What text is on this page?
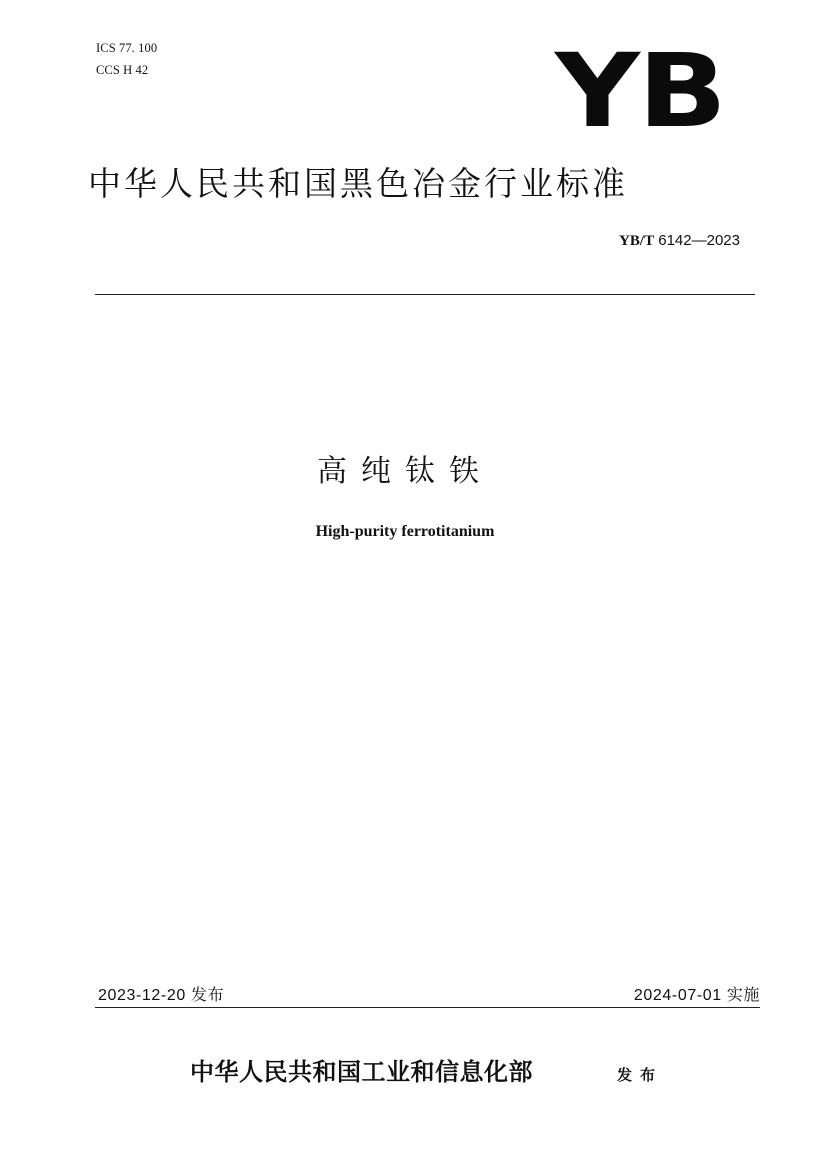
ICS 77. 100
CCS H 42	YB
中华人民共和国黑色冶金行业标准
YB/T 6142—2023
高纯钛铁
High-purity ferrotitanium
2023-12-20 发布	2024-07-01 实施
中华人民共和国工业和信息化部	发布
